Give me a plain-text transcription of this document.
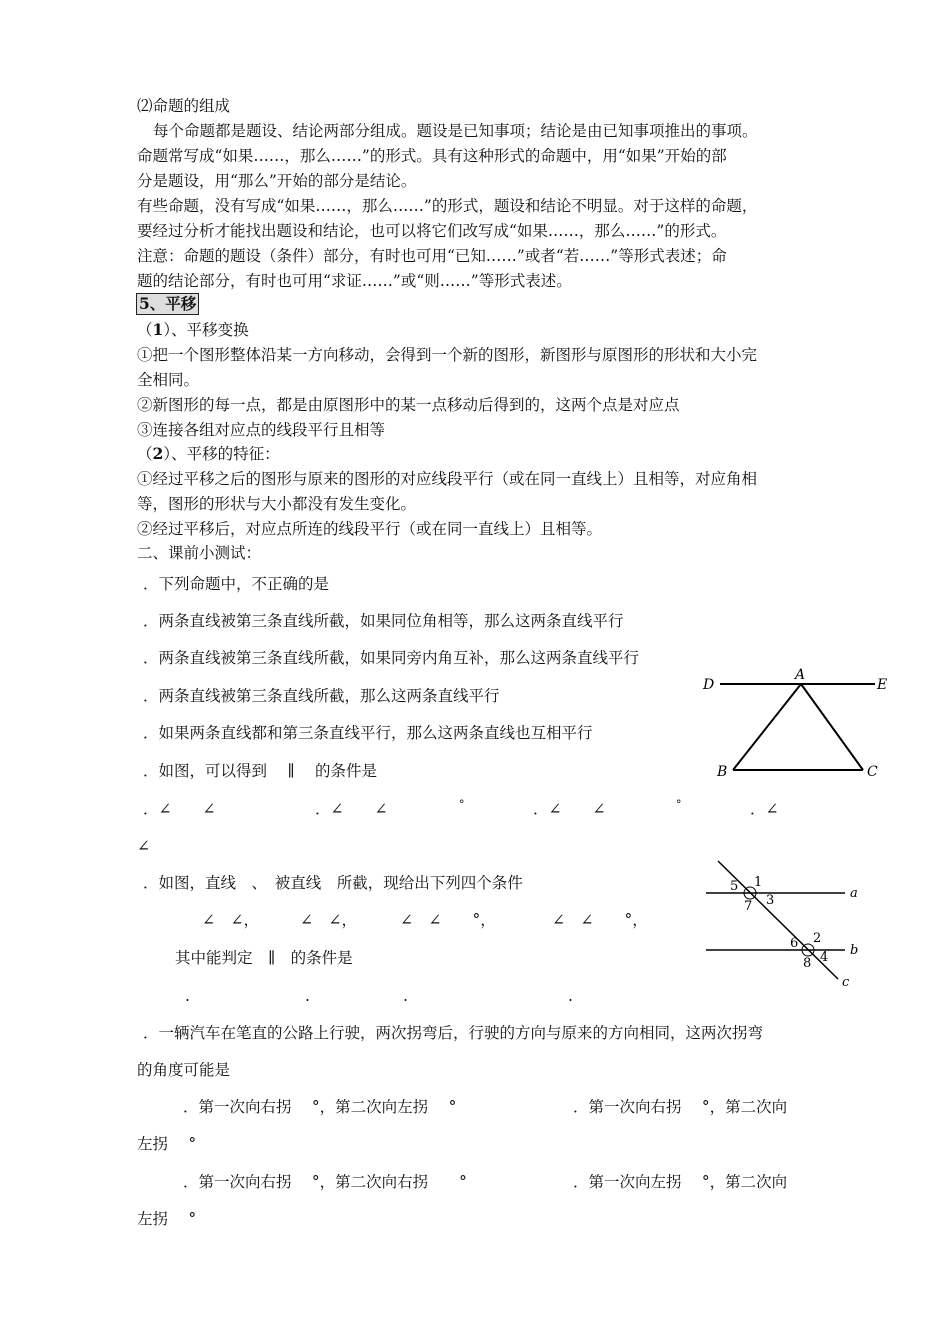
⑵命题的组成
每个命题都是题设、结论两部分组成。题设是已知事项；结论是由已知事项推出的事项。
命题常写成“如果……，那么……”的形式。具有这种形式的命题中，用“如果”开始的部
分是题设，用“那么”开始的部分是结论。
有些命题，没有写成“如果……，那么……”的形式，题设和结论不明显。对于这样的命题，
要经过分析才能找出题设和结论，也可以将它们改写成“如果……，那么……”的形式。
注意：命题的题设（条件）部分，有时也可用“已知……”或者“若……”等形式表述；命
题的结论部分，有时也可用“求证……”或“则……”等形式表述。
5、平移
（1）、平移变换
①把一个图形整体沿某一方向移动，会得到一个新的图形，新图形与原图形的形状和大小完
全相同。
②新图形的每一点，都是由原图形中的某一点移动后得到的，这两个点是对应点
③连接各组对应点的线段平行且相等
（2）、平移的特征：
①经过平移之后的图形与原来的图形的对应线段平行（或在同一直线上）且相等，对应角相
等，图形的形状与大小都没有发生变化。
②经过平移后，对应点所连的线段平行（或在同一直线上）且相等。
二、课前小测试：
．下列命题中，不正确的是
．两条直线被第三条直线所截，如果同位角相等，那么这两条直线平行
．两条直线被第三条直线所截，如果同旁内角互补，那么这两条直线平行
．两条直线被第三条直线所截，那么这两条直线平行
．如果两条直线都和第三条直线平行，那么这两条直线也互相平行
．如图，可以得到　 ∥　 的条件是
．∠　　∠	．∠　　∠	°	．∠　　∠	°	．∠
∠
．如图，直线　、　被直线　所截，现给出下列四个条件
∠　∠，	∠　∠，	∠　∠　　°，	∠　∠　　°，
其中能判定　∥　的条件是
.	.	.	.
．一辆汽车在笔直的公路上行驶，两次拐弯后，行驶的方向与原来的方向相同，这两次拐弯
的角度可能是
．第一次向右拐　 °，第二次向左拐　 °	．第一次向右拐　 °，第二次向
左拐　 °
．第一次向右拐　 °，第二次向右拐　　°	．第一次向左拐　 °，第二次向
左拐　 °
D
A
E
B	C
5 1
7 3	a
6 2
8 4 b
c
